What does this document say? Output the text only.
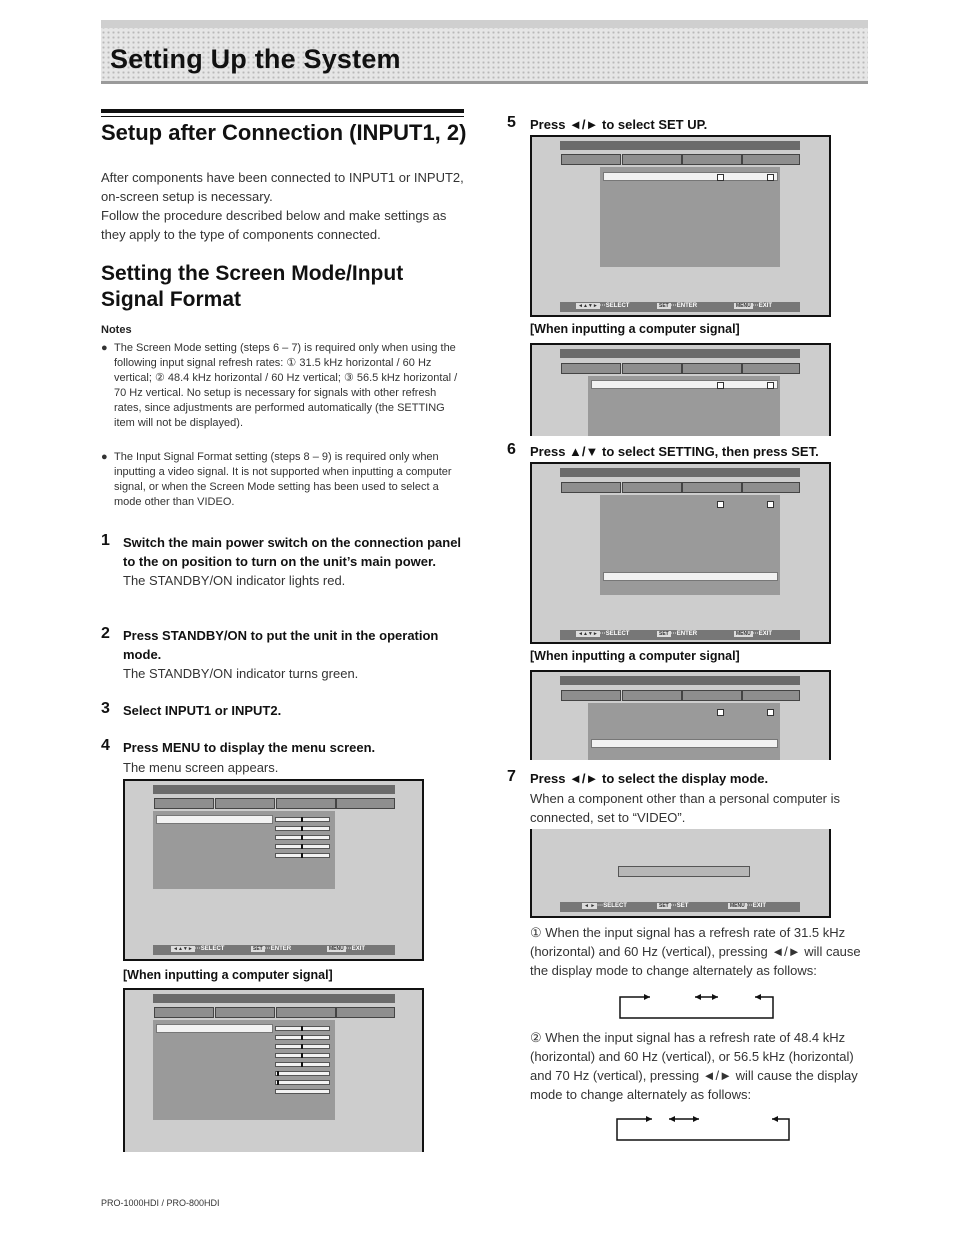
Setting Up the System
Setup after Connection (INPUT1, 2)
After components have been connected to INPUT1 or INPUT2, on-screen setup is necessary.
Follow the procedure described below and make settings as they apply to the type of components connected.
Setting the Screen Mode/Input Signal Format
Notes
● The Screen Mode setting (steps 6 – 7) is required only when using the following input signal refresh rates: ① 31.5 kHz horizontal / 60 Hz vertical; ② 48.4 kHz horizontal / 60 Hz vertical; ③ 56.5 kHz horizontal / 70 Hz vertical. No setup is necessary for signals with other refresh rates, since adjustments are performed automatically (the SETTING item will not be displayed).
● The Input Signal Format setting (steps 8 – 9) is required only when inputting a video signal. It is not supported when inputting a computer signal, or when the Screen Mode setting has been used to select a mode other than VIDEO.
1 Switch the main power switch on the connection panel to the on position to turn on the unit’s main power.
The STANDBY/ON indicator lights red.
2 Press STANDBY/ON to put the unit in the operation mode.
The STANDBY/ON indicator turns green.
3 Select INPUT1 or INPUT2.
4 Press MENU to display the menu screen.
The menu screen appears.
◄▲▼► ···SELECT	SET ···ENTER	MENU ···EXIT
[When inputting a computer signal]
5 Press ◄/► to select SET UP.
◄▲▼► ···SELECT	SET ···ENTER	MENU ···EXIT
[When inputting a computer signal]
6 Press ▲/▼ to select SETTING, then press SET.
◄▲▼► ···SELECT	SET ···ENTER	MENU ···EXIT
[When inputting a computer signal]
7 Press ◄/► to select the display mode.
When a component other than a personal computer is connected, set to “VIDEO”.
◄ ► ···SELECT	SET ···SET	MENU ···EXIT
① When the input signal has a refresh rate of 31.5 kHz (horizontal) and 60 Hz (vertical), pressing ◄/► will cause the display mode to change alternately as follows:
② When the input signal has a refresh rate of 48.4 kHz (horizontal) and 60 Hz (vertical), or 56.5 kHz (horizontal) and 70 Hz (vertical), pressing ◄/► will cause the display mode to change alternately as follows:
PRO-1000HDI / PRO-800HDI
